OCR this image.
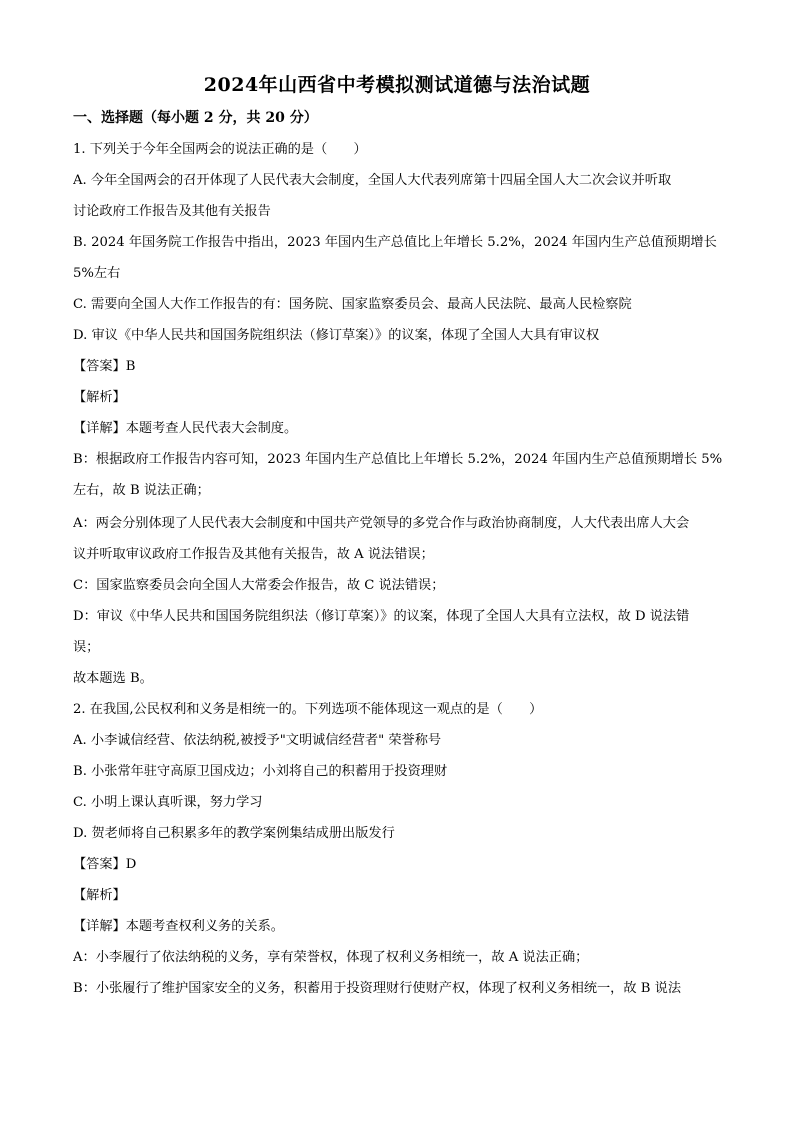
2024年山西省中考模拟测试道德与法治试题
一、选择题（每小题 2 分，共 20 分）
1. 下列关于今年全国两会的说法正确的是（　　）
A. 今年全国两会的召开体现了人民代表大会制度，全国人大代表列席第十四届全国人大二次会议并听取
讨论政府工作报告及其他有关报告
B. 2024 年国务院工作报告中指出，2023 年国内生产总值比上年增长 5.2%，2024 年国内生产总值预期增长
5%左右
C. 需要向全国人大作工作报告的有：国务院、国家监察委员会、最高人民法院、最高人民检察院
D. 审议《中华人民共和国国务院组织法（修订草案）》的议案，体现了全国人大具有审议权
【答案】B
【解析】
【详解】本题考查人民代表大会制度。
B：根据政府工作报告内容可知，2023 年国内生产总值比上年增长 5.2%，2024 年国内生产总值预期增长 5%
左右，故 B 说法正确；
A：两会分别体现了人民代表大会制度和中国共产党领导的多党合作与政治协商制度，人大代表出席人大会
议并听取审议政府工作报告及其他有关报告，故 A 说法错误；
C：国家监察委员会向全国人大常委会作报告，故 C 说法错误；
D：审议《中华人民共和国国务院组织法（修订草案）》的议案，体现了全国人大具有立法权，故 D 说法错
误；
故本题选 B。
2. 在我国,公民权利和义务是相统一的。下列选项不能体现这一观点的是（　　）
A. 小李诚信经营、依法纳税,被授予"文明诚信经营者" 荣誉称号
B. 小张常年驻守高原卫国戍边；小刘将自己的积蓄用于投资理财
C. 小明上课认真听课，努力学习
D. 贺老师将自己积累多年的教学案例集结成册出版发行
【答案】D
【解析】
【详解】本题考查权利义务的关系。
A：小李履行了依法纳税的义务，享有荣誉权，体现了权利义务相统一，故 A 说法正确；
B：小张履行了维护国家安全的义务，积蓄用于投资理财行使财产权，体现了权利义务相统一，故 B 说法
